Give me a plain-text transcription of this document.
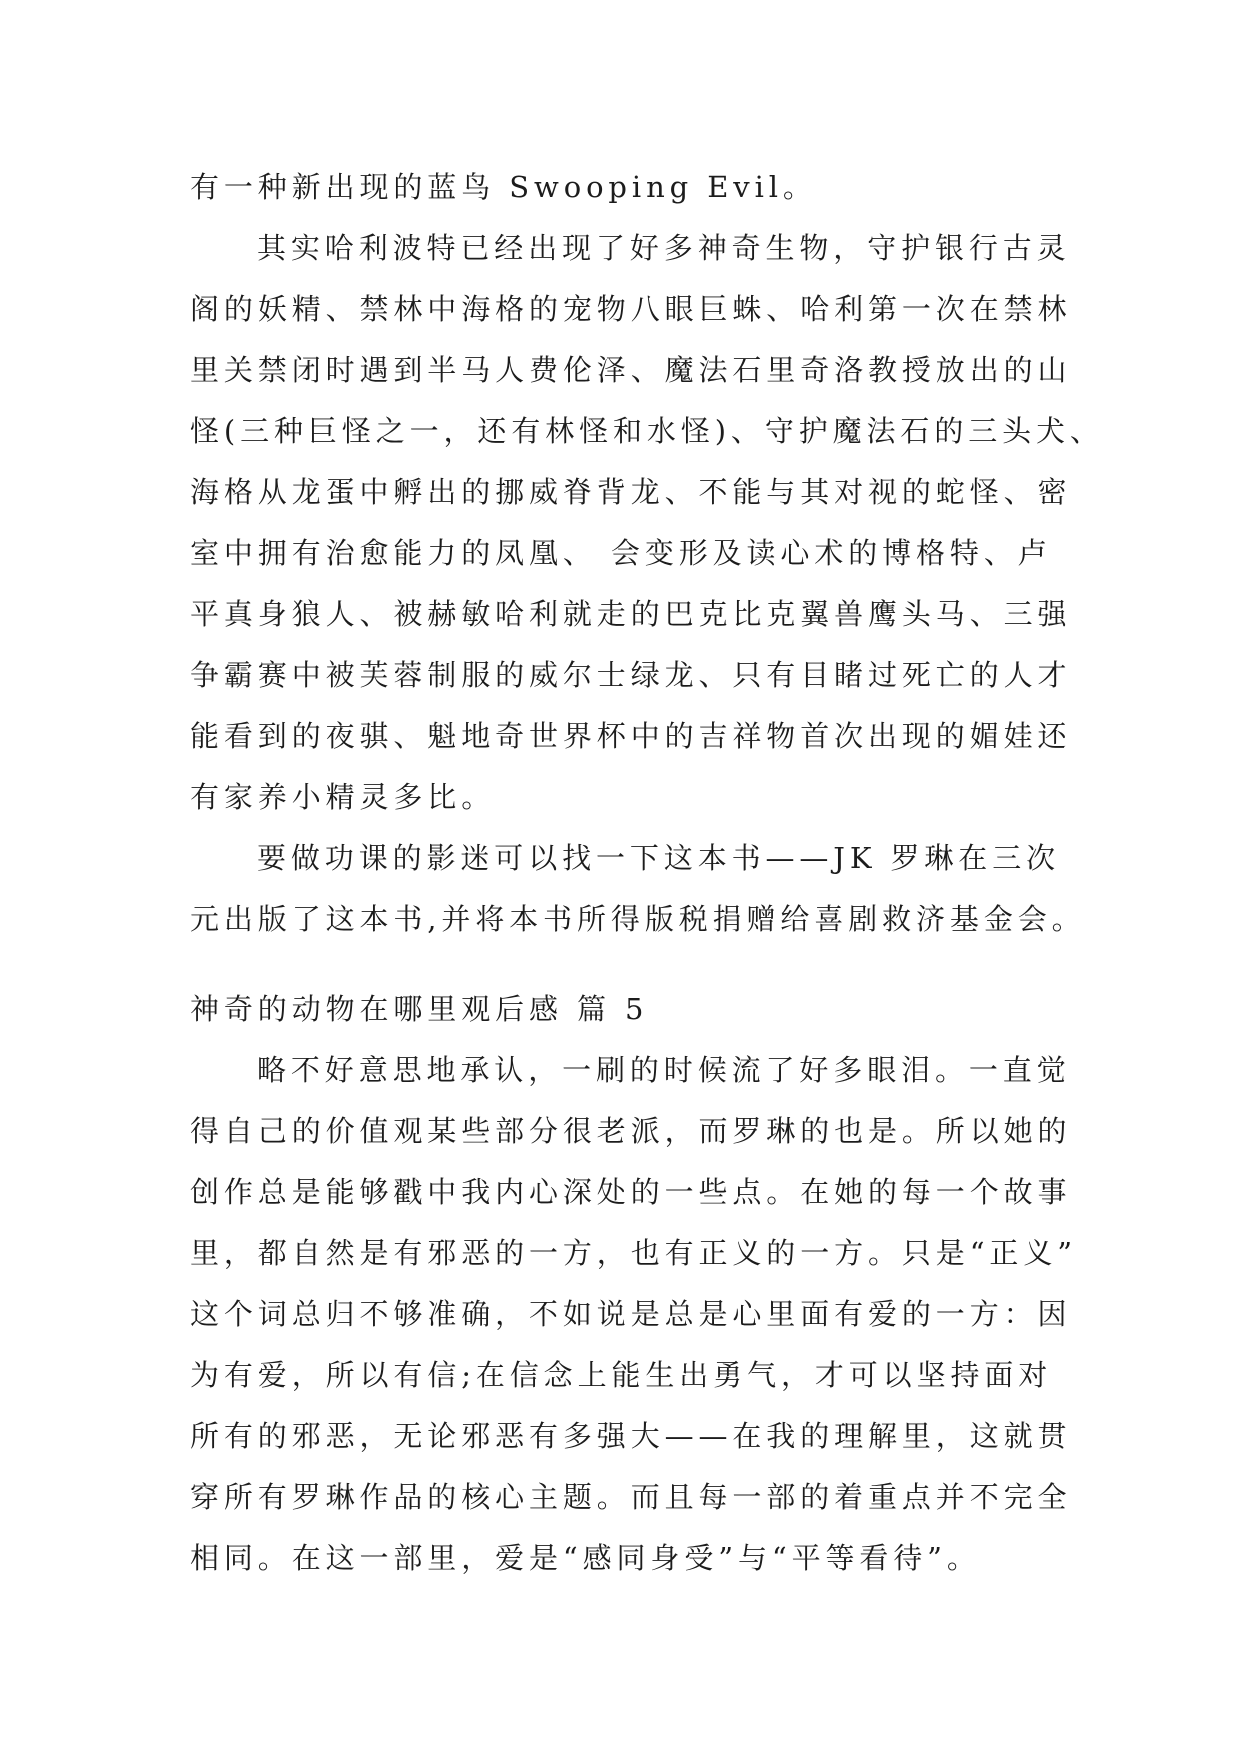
有一种新出现的蓝鸟 Swooping Evil。
其实哈利波特已经出现了好多神奇生物，守护银行古灵
阁的妖精、禁林中海格的宠物八眼巨蛛、哈利第一次在禁林
里关禁闭时遇到半马人费伦泽、魔法石里奇洛教授放出的山
怪(三种巨怪之一，还有林怪和水怪)、守护魔法石的三头犬、
海格从龙蛋中孵出的挪威脊背龙、不能与其对视的蛇怪、密
室中拥有治愈能力的凤凰、 会变形及读心术的博格特、卢
平真身狼人、被赫敏哈利就走的巴克比克翼兽鹰头马、三强
争霸赛中被芙蓉制服的威尔士绿龙、只有目睹过死亡的人才
能看到的夜骐、魁地奇世界杯中的吉祥物首次出现的媚娃还
有家养小精灵多比。
要做功课的影迷可以找一下这本书——JK 罗琳在三次
元出版了这本书,并将本书所得版税捐赠给喜剧救济基金会。
神奇的动物在哪里观后感 篇 5
略不好意思地承认，一刷的时候流了好多眼泪。一直觉
得自己的价值观某些部分很老派，而罗琳的也是。所以她的
创作总是能够戳中我内心深处的一些点。在她的每一个故事
里，都自然是有邪恶的一方，也有正义的一方。只是“正义”
这个词总归不够准确，不如说是总是心里面有爱的一方：因
为有爱，所以有信;在信念上能生出勇气，才可以坚持面对
所有的邪恶，无论邪恶有多强大——在我的理解里，这就贯
穿所有罗琳作品的核心主题。而且每一部的着重点并不完全
相同。在这一部里，爱是“感同身受”与“平等看待”。
